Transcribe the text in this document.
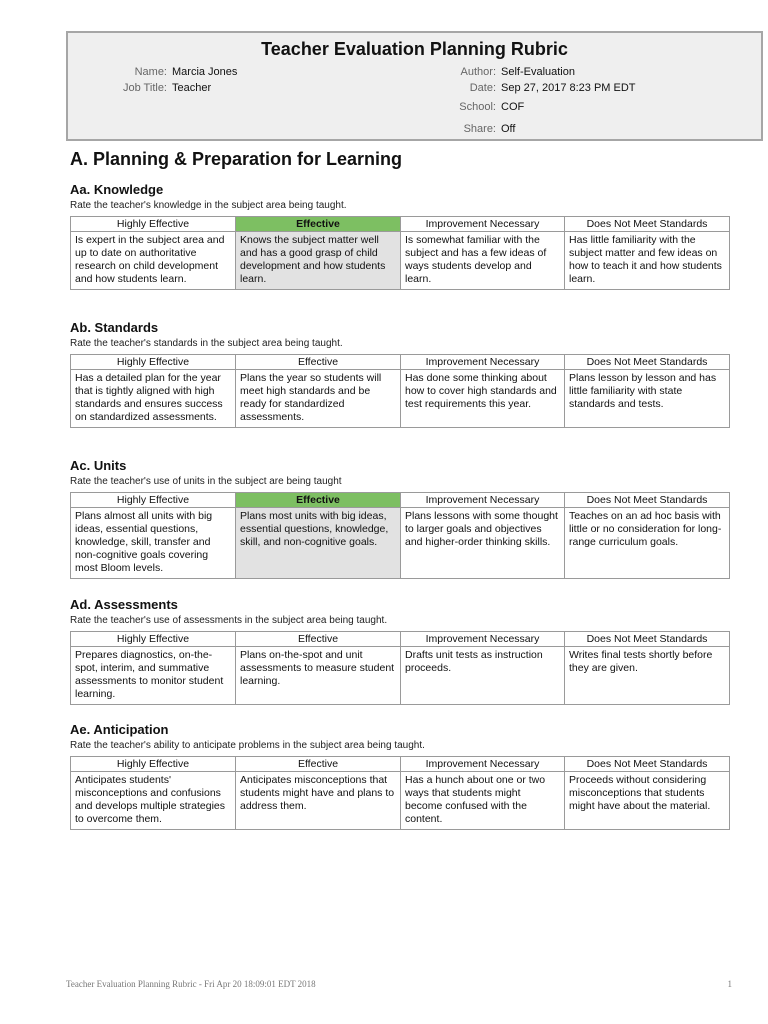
Teacher Evaluation Planning Rubric
Name: Marcia Jones
Job Title: Teacher
Author: Self-Evaluation
Date: Sep 27, 2017 8:23 PM EDT
School: COF
Share: Off
A. Planning & Preparation for Learning
Aa. Knowledge
Rate the teacher's knowledge in the subject area being taught.
Highly Effective	Effective	Improvement Necessary	Does Not Meet Standards
Is expert in the subject area and up to date on authoritative research on child development and how students learn.	Knows the subject matter well and has a good grasp of child development and how students learn.	Is somewhat familiar with the subject and has a few ideas of ways students develop and learn.	Has little familiarity with the subject matter and few ideas on how to teach it and how students learn.
Ab. Standards
Rate the teacher's standards in the subject area being taught.
Highly Effective	Effective	Improvement Necessary	Does Not Meet Standards
Has a detailed plan for the year that is tightly aligned with high standards and ensures success on standardized assessments.	Plans the year so students will meet high standards and be ready for standardized assessments.	Has done some thinking about how to cover high standards and test requirements this year.	Plans lesson by lesson and has little familiarity with state standards and tests.
Ac. Units
Rate the teacher's use of units in the subject are being taught
Highly Effective	Effective	Improvement Necessary	Does Not Meet Standards
Plans almost all units with big ideas, essential questions, knowledge, skill, transfer and non-cognitive goals covering most Bloom levels.	Plans most units with big ideas, essential questions, knowledge, skill, and non-cognitive goals.	Plans lessons with some thought to larger goals and objectives and higher-order thinking skills.	Teaches on an ad hoc basis with little or no consideration for long-range curriculum goals.
Ad. Assessments
Rate the teacher's use of assessments in the subject area being taught.
Highly Effective	Effective	Improvement Necessary	Does Not Meet Standards
Prepares diagnostics, on-the-spot, interim, and summative assessments to monitor student learning.	Plans on-the-spot and unit assessments to measure student learning.	Drafts unit tests as instruction proceeds.	Writes final tests shortly before they are given.
Ae. Anticipation
Rate the teacher's ability to anticipate problems in the subject area being taught.
Highly Effective	Effective	Improvement Necessary	Does Not Meet Standards
Anticipates students' misconceptions and confusions and develops multiple strategies to overcome them.	Anticipates misconceptions that students might have and plans to address them.	Has a hunch about one or two ways that students might become confused with the content.	Proceeds without considering misconceptions that students might have about the material.
Teacher Evaluation Planning Rubric - Fri Apr 20 18:09:01 EDT 2018	1
